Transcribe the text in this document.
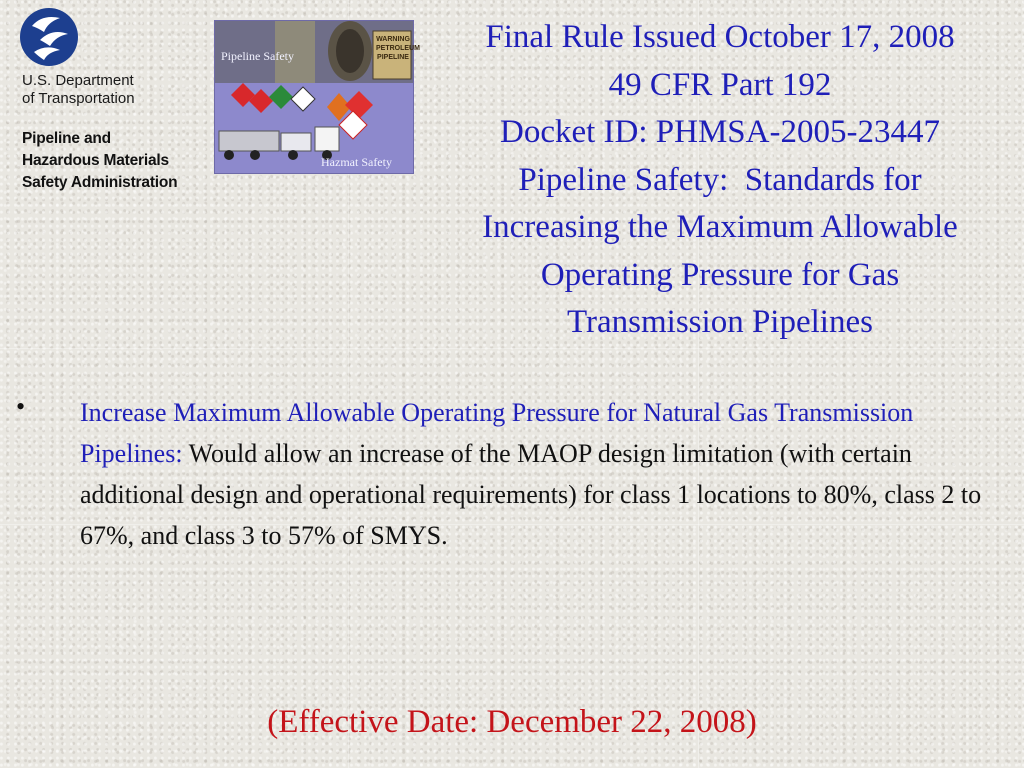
U.S. Department
of Transportation
Pipeline and
Hazardous Materials
Safety Administration
Pipeline Safety
Hazmat Safety
WARNING
PETROLEUM
PIPELINE
Final Rule Issued October 17, 2008
49 CFR Part 192
Docket ID: PHMSA-2005-23447
Pipeline Safety:  Standards for
Increasing the Maximum Allowable
Operating Pressure for Gas
Transmission Pipelines
• Increase Maximum Allowable Operating Pressure for Natural Gas Transmission Pipelines: Would allow an increase of the MAOP design limitation (with certain additional design and operational requirements) for class 1 locations to 80%, class 2 to 67%, and class 3 to 57% of SMYS.
(Effective Date: December 22, 2008)
